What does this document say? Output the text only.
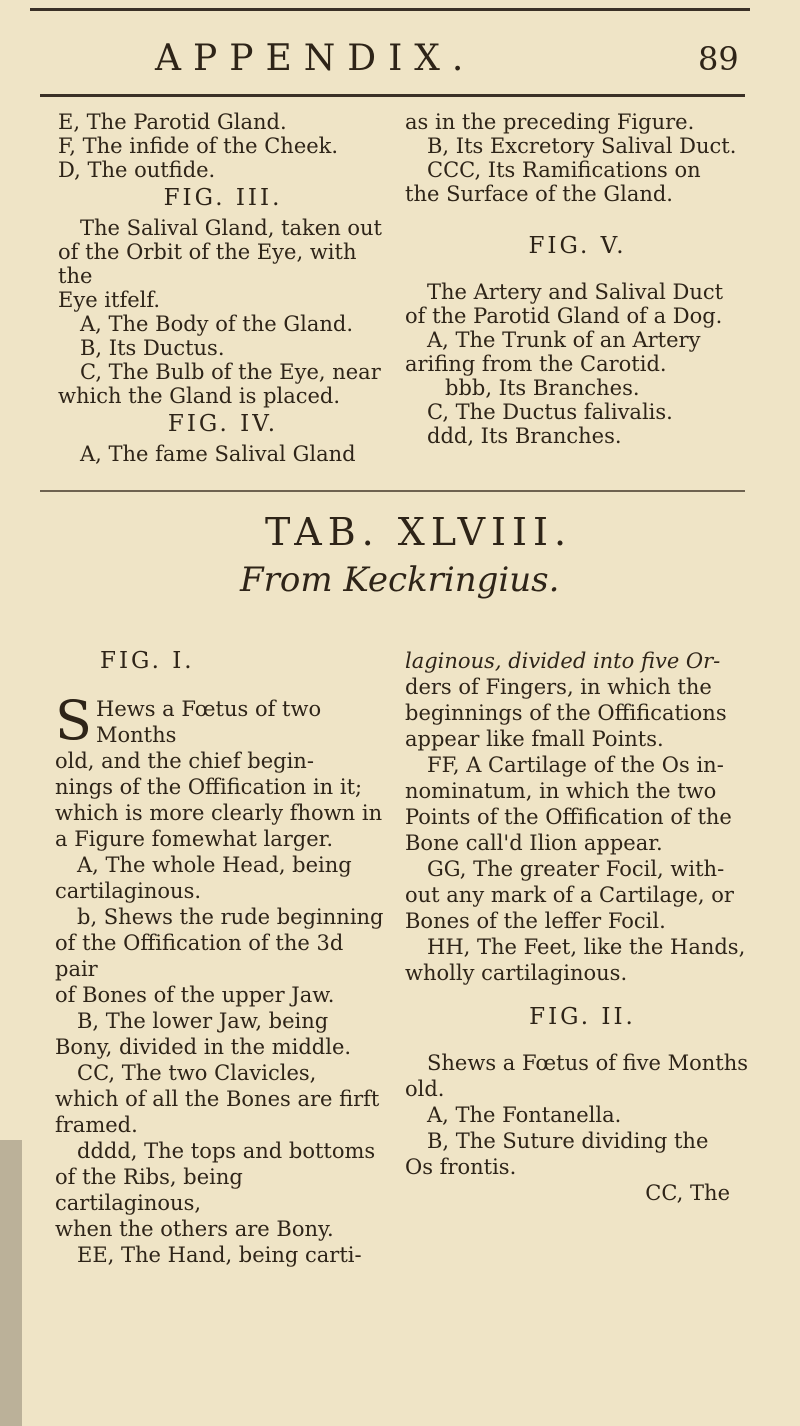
APPENDIX.	89

E, The Parotid Gland.

F, The infide of the Cheek.

D, The outfide.

FIG. III.

The Salival Gland, taken out

of the Orbit of the Eye, with the

Eye itfelf.

A, The Body of the Gland.

B, Its Ductus.

C, The Bulb of the Eye, near

which the Gland is placed.

FIG. IV.

A, The fame Salival Gland

as in the preceding Figure.

B, Its Excretory Salival Duct.

CCC, Its Ramifications on

the Surface of the Gland.

FIG. V.

The Artery and Salival Duct

of the Parotid Gland of a Dog.

A, The Trunk of an Artery

arifing from the Carotid.

bbb, Its Branches.

C, The Ductus falivalis.

ddd, Its Branches.

TAB. XLVIII.
From Keckringius.

FIG. I.

S Hews a Fœtus of two Months

old, and the chief begin-

nings of the Offification in it;

which is more clearly fhown in

a Figure fomewhat larger.

A, The whole Head, being

cartilaginous.

b, Shews the rude beginning

of the Offification of the 3d pair

of Bones of the upper Jaw.

B, The lower Jaw, being

Bony, divided in the middle.

CC, The two Clavicles,

which of all the Bones are firft

framed.

dddd, The tops and bottoms

of the Ribs, being cartilaginous,

when the others are Bony.

EE, The Hand, being carti-

laginous, divided into five Or-

ders of Fingers, in which the

beginnings of the Offifications

appear like fmall Points.

FF, A Cartilage of the Os in-

nominatum, in which the two

Points of the Offification of the

Bone call'd Ilion appear.

GG, The greater Focil, with-

out any mark of a Cartilage, or

Bones of the leffer Focil.

HH, The Feet, like the Hands,

wholly cartilaginous.

FIG. II.

Shews a Fœtus of five Months

old.

A, The Fontanella.

B, The Suture dividing the

Os frontis.

CC, The
